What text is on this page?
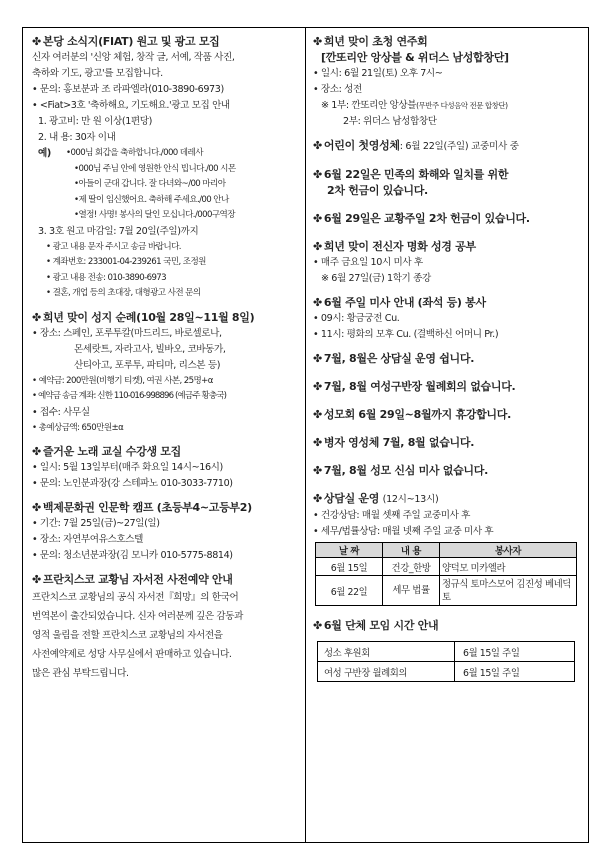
✤ 본당 소식지(FIAT) 원고 및 광고 모집
신자 여러분의 '신앙 체험, 창작 글, 서예, 작품 사진,
축하와 기도, 광고'를 모집합니다.
• 문의: 홍보분과 조 라파엘라(010-3890-6973)
• <Fiat>3호 '축하해요, 기도해요.'광고 모집 안내
1. 광고비: 만 원 이상(1편당)
2. 내 용: 30자 이내
예)	•000님 회갑을 축하합니다./000 데레사
•000님 주님 안에 영원한 안식 빕니다./00 시몬
•아들이 군대 갑니다. 잘 다녀와~/00 마리아
•제 딸이 임신했어요. 축하해 주세요./00 안나
•열정! 사명! 봉사의 달인 모십니다./000구역장
3. 3호 원고 마감일: 7월 20일(주일)까지
• 광고 내용 문자 주시고 송금 바랍니다.
• 계좌번호: 233001-04-239261 국민, 조정원
• 광고 내용 전송: 010-3890-6973
• 결혼, 개업 등의 초대장, 대형광고 사전 문의
✤ 희년 맞이 성지 순례(10월 28일~11월 8일)
• 장소: 스페인, 포루투칼(마드리드, 바로셀로나,
몬세랏트, 자라고사, 빌바오, 코바동가,
산티아고, 포루투, 파티마, 리스본 등)
• 예약금: 200만원(비행기 티켓), 여권 사본, 25명+α
• 예약금 송금 계좌: 신한 110-016-998896 (예금주 황충국)
• 접수: 사무실
• 총예상금액: 650만원±α
✤ 즐거운 노래 교실 수강생 모집
• 일시: 5월 13일부터(매주 화요일 14시~16시)
• 문의: 노인분과장(강 스테파노 010-3033-7710)
✤ 백제문화권 인문학 캠프 (초등부4~고등부2)
• 기간: 7월 25일(금)~27일(일)
• 장소: 자연부여유스호스텔
• 문의: 청소년분과장(김 모니카 010-5775-8814)
✤ 프란치스코 교황님 자서전 사전예약 안내
프란치스코 교황님의 공식 자서전『희망』의 한국어
번역본이 출간되었습니다. 신자 여러분께 깊은 감동과
영적 울림을 전할 프란치스코 교황님의 자서전을
사전예약제로 성당 사무실에서 판매하고 있습니다.
많은 관심 부탁드립니다.
✤ 희년 맞이 초청 연주회
[깐또리안 앙상블 & 위더스 남성합창단]
• 일시: 6월 21일(토) 오후 7시~
• 장소: 성전
※ 1부: 깐또리안 앙상블(무반주 다성음악 전문 합창단)
2부: 위더스 남성합창단
✤ 어린이 첫영성체: 6월 22일(주일) 교중미사 중
✤ 6월 22일은 민족의 화해와 일치를 위한
2차 헌금이 있습니다.
✤ 6월 29일은 교황주일 2차 헌금이 있습니다.
✤ 희년 맞이 전신자 명화 성경 공부
• 매주 금요일 10시 미사 후
※ 6월 27일(금) 1학기 종강
✤ 6월 주일 미사 안내 (좌석 등) 봉사
• 09시: 황금궁전 Cu.
• 11시: 평화의 모후 Cu. (결백하신 어머니 Pr.)
✤ 7월, 8월은 상담실 운영 쉽니다.
✤ 7월, 8월 여성구반장 월례회의 없습니다.
✤ 성모회 6월 29일~8월까지 휴강합니다.
✤ 병자 영성체 7월, 8월 없습니다.
✤ 7월, 8월 성모 신심 미사 없습니다.
✤ 상담실 운영 (12시~13시)
• 건강상담: 매월 셋째 주일 교중미사 후
• 세무/법률상담: 매월 넷째 주일 교중 미사 후
날 짜	내 용	봉사자
6월 15일	건강_한방	양덕모 미카엘라
6월 22일	세무 법률	정규식 토마스모어 김진성 베네딕토
✤ 6월 단체 모임 시간 안내
성소 후원회	6월 15일 주일
여성 구반장 월례회의	6월 15일 주일
